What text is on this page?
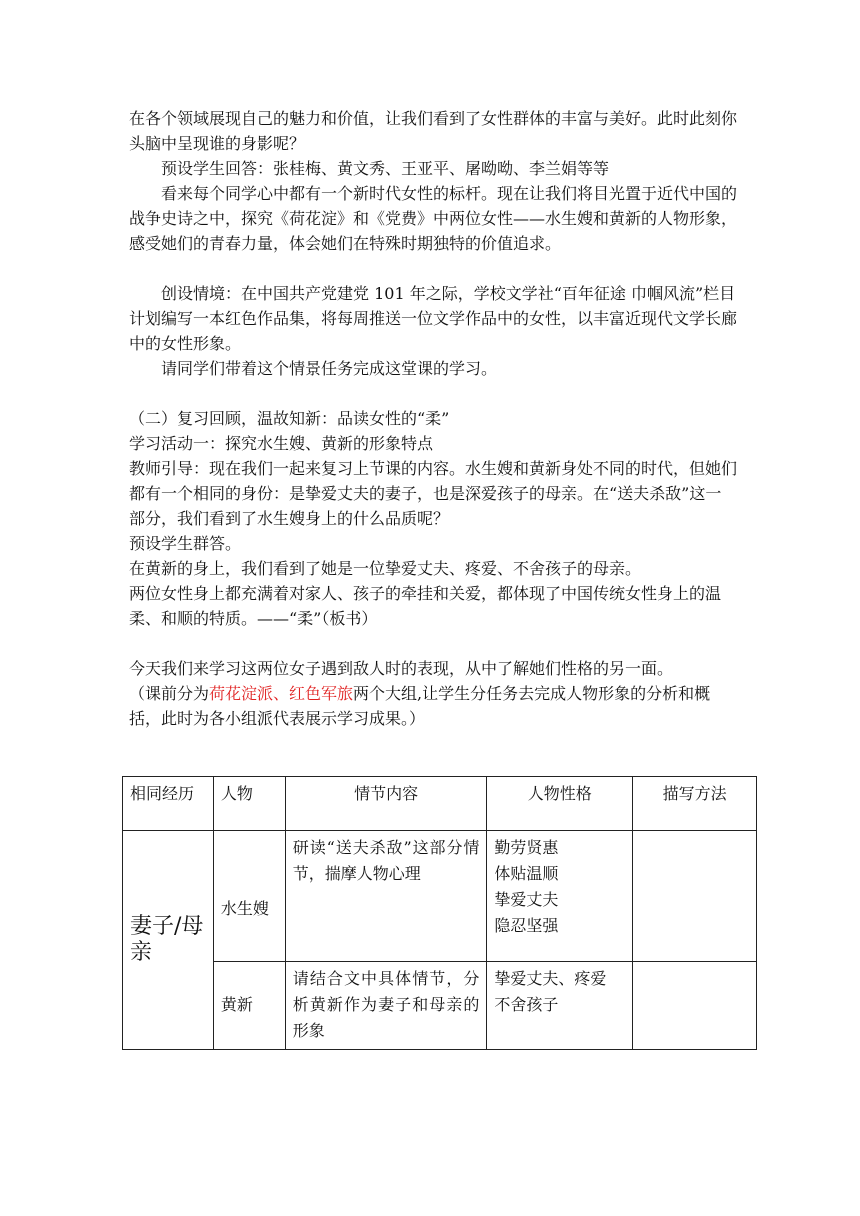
在各个领域展现自己的魅力和价值，让我们看到了女性群体的丰富与美好。此时此刻你头脑中呈现谁的身影呢？

预设学生回答：张桂梅、黄文秀、王亚平、屠呦呦、李兰娟等等

看来每个同学心中都有一个新时代女性的标杆。现在让我们将目光置于近代中国的战争史诗之中，探究《荷花淀》和《党费》中两位女性——水生嫂和黄新的人物形象，感受她们的青春力量，体会她们在特殊时期独特的价值追求。

创设情境：在中国共产党建党 101 年之际，学校文学社“百年征途 巾帼风流”栏目计划编写一本红色作品集，将每周推送一位文学作品中的女性，以丰富近现代文学长廊中的女性形象。

请同学们带着这个情景任务完成这堂课的学习。

（二）复习回顾，温故知新：品读女性的“柔”

学习活动一：探究水生嫂、黄新的形象特点

教师引导：现在我们一起来复习上节课的内容。水生嫂和黄新身处不同的时代，但她们都有一个相同的身份：是挚爱丈夫的妻子，也是深爱孩子的母亲。在“送夫杀敌”这一部分，我们看到了水生嫂身上的什么品质呢？

预设学生群答。

在黄新的身上，我们看到了她是一位挚爱丈夫、疼爱、不舍孩子的母亲。

两位女性身上都充满着对家人、孩子的牵挂和关爱，都体现了中国传统女性身上的温柔、和顺的特质。——“柔”（板书）

今天我们来学习这两位女子遇到敌人时的表现，从中了解她们性格的另一面。

（课前分为荷花淀派、红色军旅两个大组,让学生分任务去完成人物形象的分析和概括，此时为各小组派代表展示学习成果。）

相同经历	人物	情节内容	人物性格	描写方法
妻子/母亲	水生嫂	研读“送夫杀敌”这部分情节，揣摩人物心理	勤劳贤惠
体贴温顺
挚爱丈夫
隐忍坚强	

	黄新	请结合文中具体情节，分析黄新作为妻子和母亲的形象	挚爱丈夫、疼爱
不舍孩子	
